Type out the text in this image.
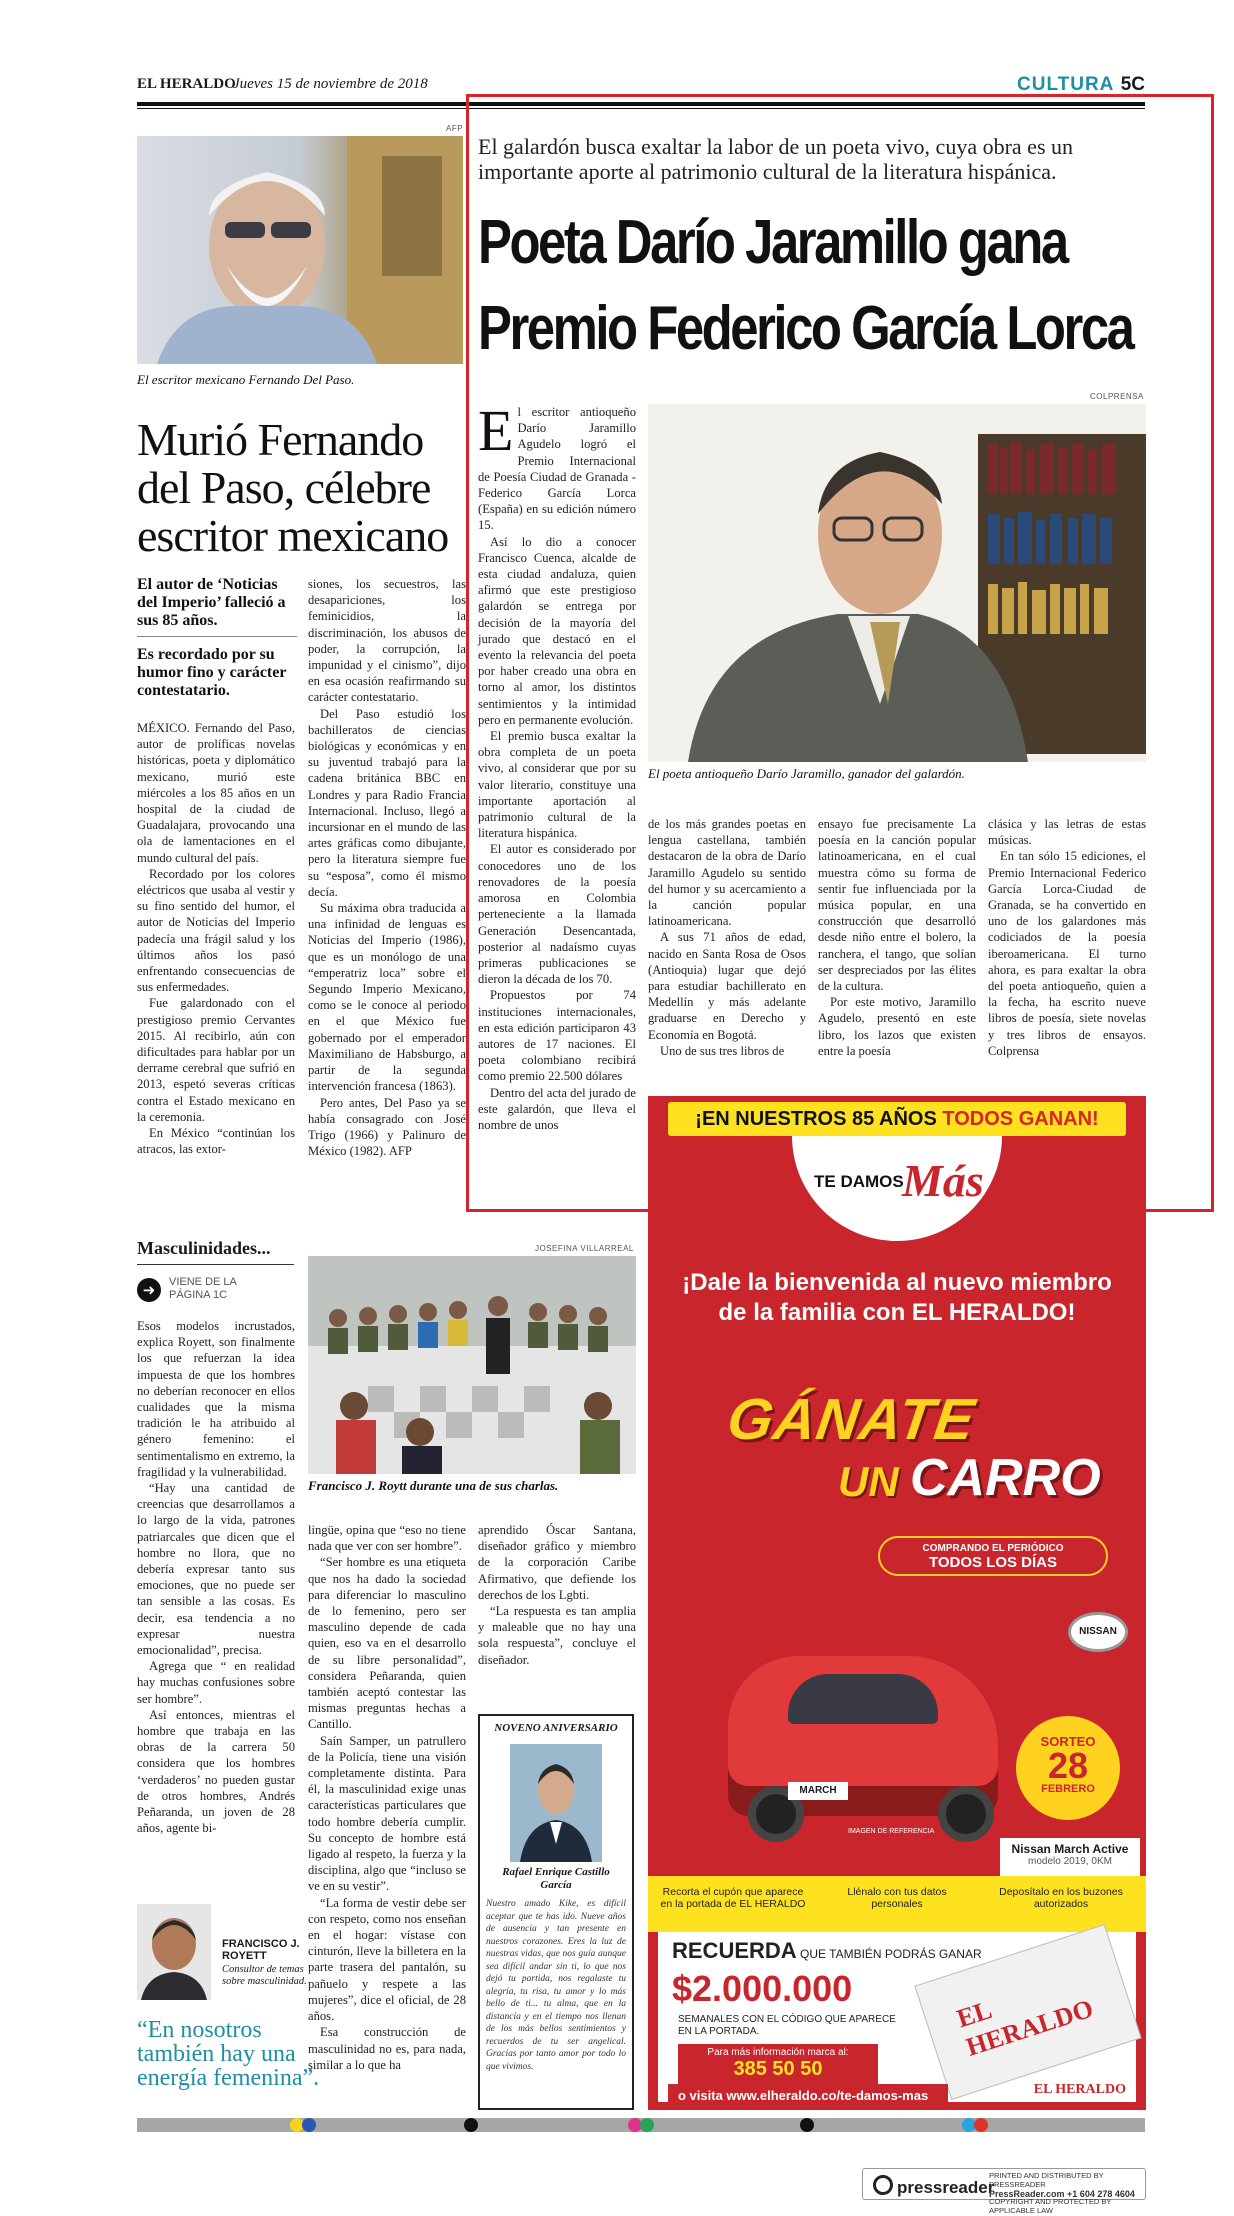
EL HERALDO
Jueves 15 de noviembre de 2018	CULTURA 5C
AFP
El escritor mexicano Fernando Del Paso.
Murió Fernando del Paso, célebre escritor mexicano
El autor de ‘Noticias del Imperio’ falleció a sus 85 años.
Es recordado por su humor fino y carácter contestatario.

MÉXICO. Fernando del Paso, autor de prolíficas novelas históricas, poeta y diplomático mexicano, murió este miércoles a los 85 años en un hospital de la ciudad de Guadalajara, provocando una ola de lamentaciones en el mundo cultural del país.

Recordado por los colores eléctricos que usaba al vestir y su fino sentido del humor, el autor de Noticias del Imperio padecía una frágil salud y los últimos años los pasó enfrentando consecuencias de sus enfermedades.

Fue galardonado con el prestigioso premio Cervantes 2015. Al recibirlo, aún con dificultades para hablar por un derrame cerebral que sufrió en 2013, espetó severas críticas contra el Estado mexicano en la ceremonia.

En México “continúan los atracos, las extor-

siones, los secuestros, las desapariciones, los feminicidios, la discriminación, los abusos de poder, la corrupción, la impunidad y el cinismo”, dijo en esa ocasión reafirmando su carácter contestatario.

Del Paso estudió los bachilleratos de ciencias biológicas y económicas y en su juventud trabajó para la cadena británica BBC en Londres y para Radio Francia Internacional. Incluso, llegó a incursionar en el mundo de las artes gráficas como dibujante, pero la literatura siempre fue su “esposa”, como él mismo decía.

Su máxima obra traducida a una infinidad de lenguas es Noticias del Imperio (1986), que es un monólogo de una “emperatriz loca” sobre el Segundo Imperio Mexicano, como se le conoce al periodo en el que México fue gobernado por el emperador Maximiliano de Habsburgo, a partir de la segunda intervención francesa (1863).

Pero antes, Del Paso ya se había consagrado con José Trigo (1966) y Palinuro de México (1982). AFP

El galardón busca exaltar la labor de un poeta vivo, cuya obra es un importante aporte al patrimonio cultural de la literatura hispánica.
Poeta Darío Jaramillo gana
Premio Federico García Lorca
COLPRENSA
El poeta antioqueño Darío Jaramillo, ganador del galardón.

El escritor antioqueño Darío Jaramillo Agudelo logró el Premio Internacional de Poesía Ciudad de Granada - Federico García Lorca (España) en su edición número 15.

Así lo dio a conocer Francisco Cuenca, alcalde de esta ciudad andaluza, quien afirmó que este prestigioso galardón se entrega por decisión de la mayoría del jurado que destacó en el evento la relevancia del poeta por haber creado una obra en torno al amor, los distintos sentimientos y la intimidad pero en permanente evolución.

El premio busca exaltar la obra completa de un poeta vivo, al considerar que por su valor literario, constituye una importante aportación al patrimonio cultural de la literatura hispánica.

El autor es considerado por conocedores uno de los renovadores de la poesía amorosa en Colombia perteneciente a la llamada Generación Desencantada, posterior al nadaísmo cuyas primeras publicaciones se dieron la década de los 70.

Propuestos por 74 instituciones internacionales, en esta edición participaron 43 autores de 17 naciones. El poeta colombiano recibirá como premio 22.500 dólares

Dentro del acta del jurado de este galardón, que lleva el nombre de unos

de los más grandes poetas en lengua castellana, también destacaron de la obra de Darío Jaramillo Agudelo su sentido del humor y su acercamiento a la canción popular latinoamericana.

A sus 71 años de edad, nacido en Santa Rosa de Osos (Antioquia) lugar que dejó para estudiar bachillerato en Medellín y más adelante graduarse en Derecho y Economía en Bogotá.

Uno de sus tres libros de

ensayo fue precisamente La poesía en la canción popular latinoamericana, en el cual muestra cómo su forma de sentir fue influenciada por la música popular, en una construcción que desarrolló desde niño entre el bolero, la ranchera, el tango, que solían ser despreciados por las élites de la cultura.

Por este motivo, Jaramillo Agudelo, presentó en este libro, los lazos que existen entre la poesía

clásica y las letras de estas músicas.

En tan sólo 15 ediciones, el Premio Internacional Federico García Lorca-Ciudad de Granada, se ha convertido en uno de los galardones más codiciados de la poesía iberoamericana. El turno ahora, es para exaltar la obra del poeta antioqueño, quien a la fecha, ha escrito nueve libros de poesía, siete novelas y tres libros de ensayos. Colprensa

Masculinidades...
➜	VIENE DE LA PÁGINA 1C

Esos modelos incrustados, explica Royett, son finalmente los que refuerzan la idea impuesta de que los hombres no deberían reconocer en ellos cualidades que la misma tradición le ha atribuido al género femenino: el sentimentalismo en extremo, la fragilidad y la vulnerabilidad.

“Hay una cantidad de creencias que desarrollamos a lo largo de la vida, patrones patriarcales que dicen que el hombre no llora, que no debería expresar tanto sus emociones, que no puede ser tan sensible a las cosas. Es decir, esa tendencia a no expresar nuestra emocionalidad”, precisa.

Agrega que “ en realidad hay muchas confusiones sobre ser hombre”.

Así entonces, mientras el hombre que trabaja en las obras de la carrera 50 considera que los hombres ‘verdaderos’ no pueden gustar de otros hombres, Andrés Peñaranda, un joven de 28 años, agente bi-

JOSEFINA VILLARREAL
Francisco J. Roytt durante una de sus charlas.

lingüe, opina que “eso no tiene nada que ver con ser hombre”.

“Ser hombre es una etiqueta que nos ha dado la sociedad para diferenciar lo masculino de lo femenino, pero ser masculino depende de cada quien, eso va en el desarrollo de su libre personalidad”, considera Peñaranda, quien también aceptó contestar las mismas preguntas hechas a Cantillo.

Saín Samper, un patrullero de la Policía, tiene una visión completamente distinta. Para él, la masculinidad exige unas características particulares que todo hombre debería cumplir. Su concepto de hombre está ligado al respeto, la fuerza y la disciplina, algo que “incluso se ve en su vestir”.

“La forma de vestir debe ser con respeto, como nos enseñan en el hogar: vístase con cinturón, lleve la billetera en la parte trasera del pantalón, su pañuelo y respete a las mujeres”, dice el oficial, de 28 años.

Esa construcción de masculinidad no es, para nada, similar a lo que ha

aprendido Óscar Santana, diseñador gráfico y miembro de la corporación Caribe Afirmativo, que defiende los derechos de los Lgbti.

“La respuesta es tan amplia y maleable que no hay una sola respuesta”, concluye el diseñador.

FRANCISCO J. ROYETT
Consultor de temas sobre masculinidad.
“En nosotros también hay una energía femenina”.
NOVENO ANIVERSARIO
Rafael Enrique Castillo García
Nuestro amado Kike, es difícil aceptar que te has ido. Nueve años de ausencia y tan presente en nuestros corazones. Eres la luz de nuestras vidas, que nos guía aunque sea difícil andar sin ti, lo que nos dejó tu partida, nos regalaste tu alegría, tu risa, tu amor y lo más bello de ti... tu alma, que en la distancia y en el tiempo nos llenan de los más bellos sentimientos y recuerdos de tu ser angelical. Gracias por tanto amor por todo lo que vivimos.
¡EN NUESTROS 85 AÑOS TODOS GANAN!
TE DAMOS
Más
¡Dale la bienvenida al nuevo miembro de la familia con EL HERALDO!
GÁNATE
UN CARRO
COMPRANDO EL PERIÓDICO
TODOS LOS DÍAS
NISSAN
MARCH
IMAGEN DE REFERENCIA
SORTEO
28
FEBRERO
Nissan March Active
modelo 2019, 0KM
Recorta el cupón que aparece en la portada de EL HERALDO
Llénalo con tus datos personales
Deposítalo en los buzones autorizados
RECUERDA QUE TAMBIÉN PODRÁS GANAR
$2.000.000
SEMANALES CON EL CÓDIGO QUE APARECE EN LA PORTADA.
Para más información marca al:
385 50 50
EL HERALDO
EL HERALDO
o visita www.elheraldo.co/te-damos-mas
pressreader
PRINTED AND DISTRIBUTED BY PRESSREADER
PressReader.com +1 604 278 4604
COPYRIGHT AND PROTECTED BY APPLICABLE LAW
